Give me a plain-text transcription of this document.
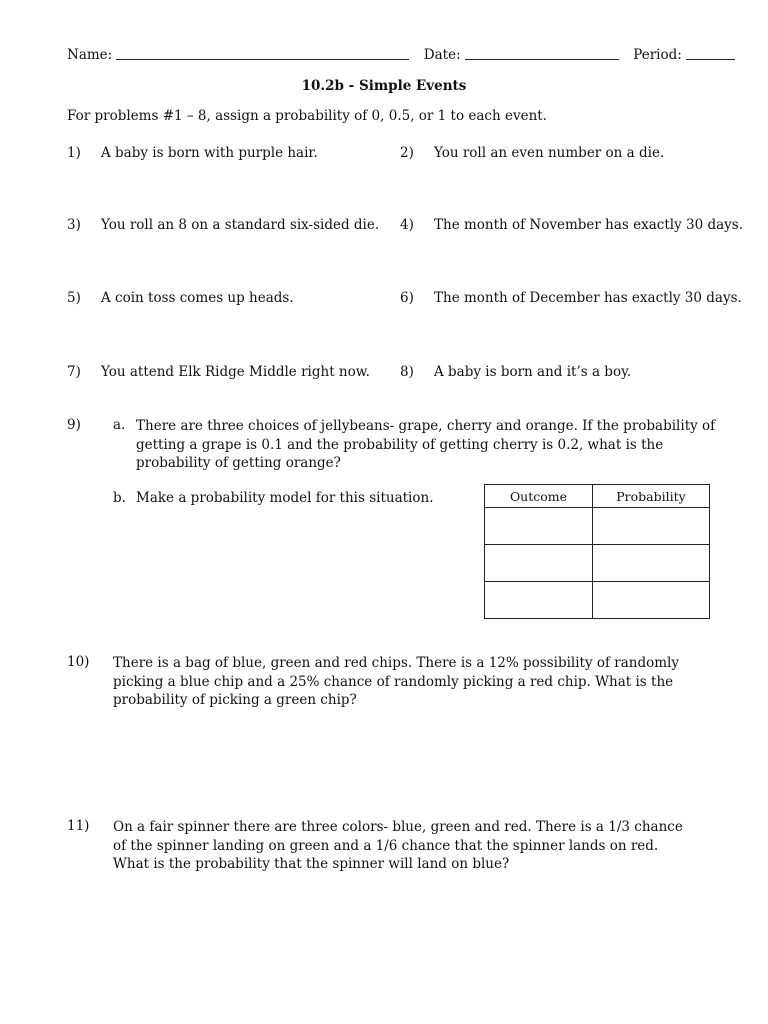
Name:	Date:	Period:
10.2b - Simple Events
For problems #1 – 8, assign a probability of 0, 0.5, or 1 to each event.
1) A baby is born with purple hair.	2) You roll an even number on a die.
3) You roll an 8 on a standard six-sided die. 4) The month of November has exactly 30 days.
5) A coin toss comes up heads.	6) The month of December has exactly 30 days.
7) You attend Elk Ridge Middle right now. 8) A baby is born and it’s a boy.
9) a. There are three choices of jellybeans- grape, cherry and orange. If the probability of getting a grape is 0.1 and the probability of getting cherry is 0.2, what is the probability of getting orange?
b. Make a probability model for this situation.	Outcome	Probability

10) There is a bag of blue, green and red chips. There is a 12% possibility of randomly picking a blue chip and a 25% chance of randomly picking a red chip. What is the probability of picking a green chip?
11) On a fair spinner there are three colors- blue, green and red. There is a 1/3 chance of the spinner landing on green and a 1/6 chance that the spinner lands on red. What is the probability that the spinner will land on blue?
